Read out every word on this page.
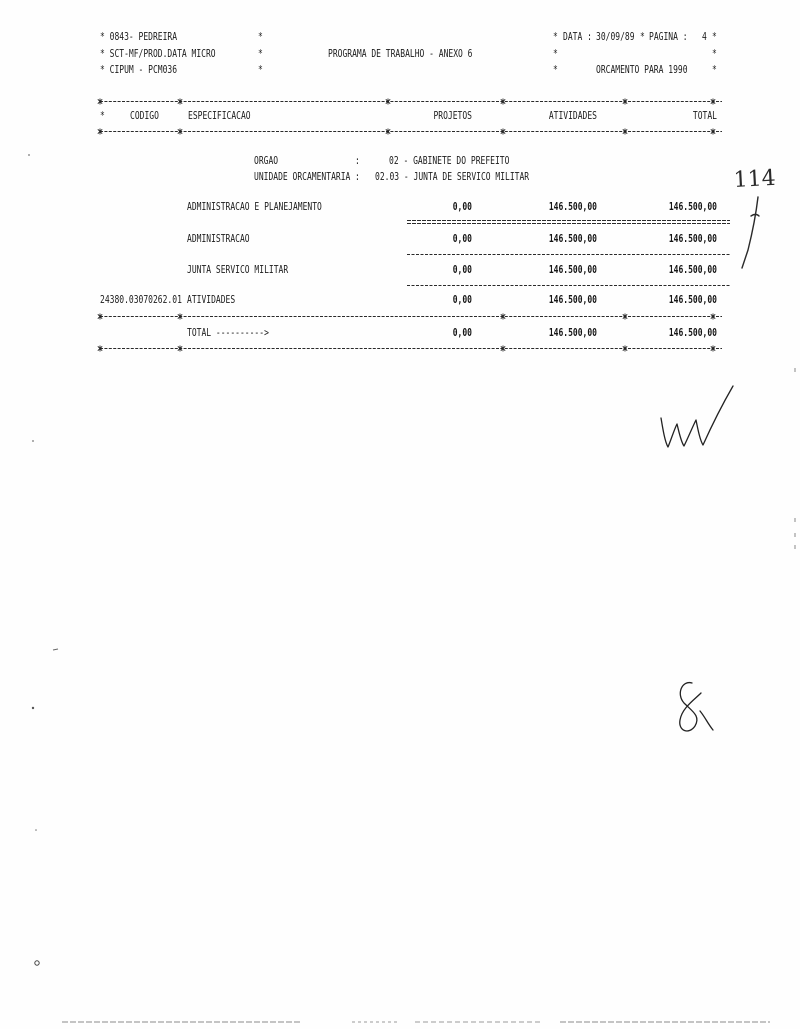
* 0843- PEDREIRA
* SCT-MF/PROD.DATA MICRO
* CIPUM - PCM036
*
*
*
PROGRAMA DE TRABALHO - ANEXO 6
* DATA : 30/09/89 * PAGINA : 4 *
*	*
*	ORCAMENTO PARA 1990	*
*	CODIGO	ESPECIFICACAO	PROJETOS	ATIVIDADES	TOTAL
ORGAO	:	02 - GABINETE DO PREFEITO
UNIDADE ORCAMENTARIA : 02.03 - JUNTA DE SERVICO MILITAR
ADMINISTRACAO E PLANEJAMENTO	0,00	146.500,00	146.500,00
ADMINISTRACAO	0,00	146.500,00	146.500,00
JUNTA SERVICO MILITAR	0,00	146.500,00	146.500,00
24380.03070262.01 ATIVIDADES	0,00	146.500,00	146.500,00
TOTAL ---------->	0,00	146.500,00	146.500,00
114
